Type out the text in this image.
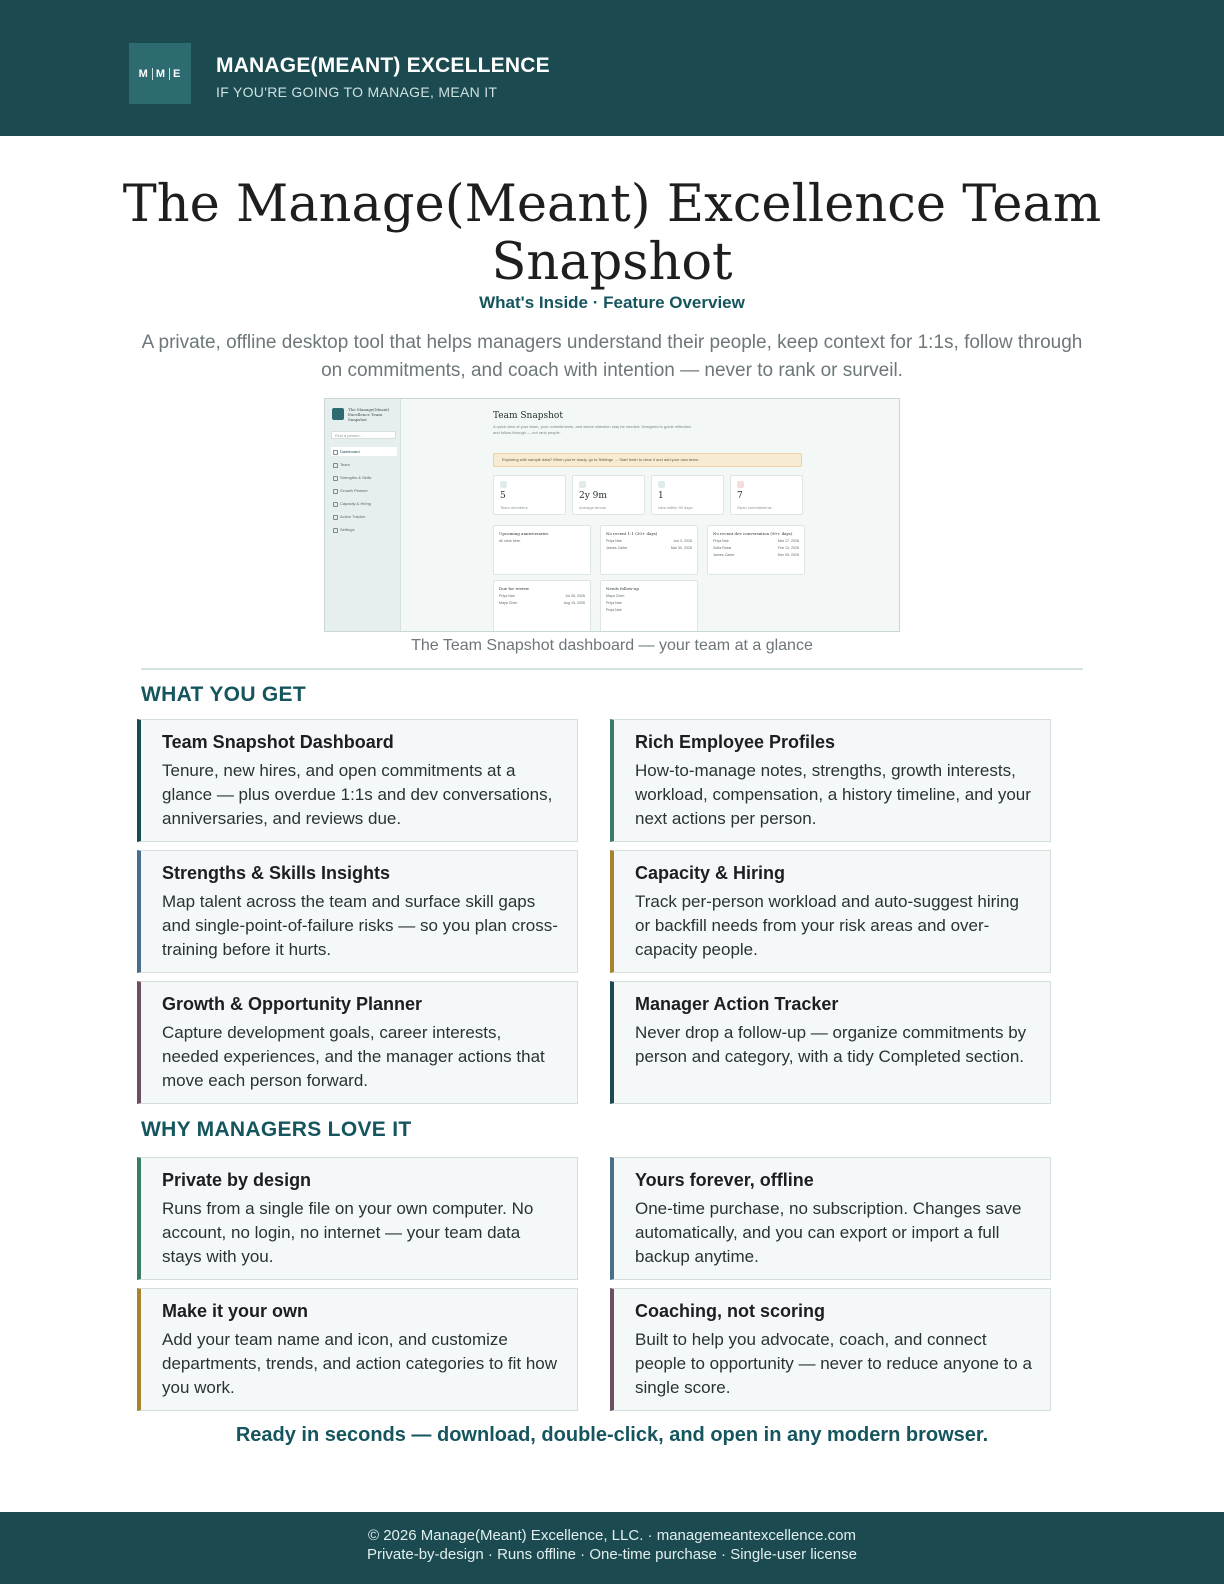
M M E MANAGE(MEANT) EXCELLENCE
IF YOU'RE GOING TO MANAGE, MEAN IT
The Manage(Meant) Excellence Team Snapshot
What's Inside · Feature Overview

A private, offline desktop tool that helps managers understand their people, keep context for 1:1s, follow through on commitments, and coach with intention — never to rank or surveil.

The Manage(Meant) Excellence Team Snapshot
Find a person...
Dashboard
Team
Strengths & Skills
Growth Planner
Capacity & Hiring
Action Tracker
Settings
Team Snapshot
A quick view of your team, your commitments, and where attention may be needed. Designed to guide reflection and follow-through — not rank people.
Exploring with sample data? When you're ready, go to Settings → Start fresh to clear it and add your own team.
5
Team members
2y 9m
Average tenure
1
New within 90 days
7
Open commitments
Upcoming anniversaries
All clear here.
No recent 1:1 (30+ days)
Priya Nair	Jun 3, 2026
James Carter	Mar 30, 2026
No recent dev conversation (90+ days)
Priya Nair	Mar 17, 2026
Sofia Rossi	Feb 13, 2026
James Carter	Dec 05, 2025
Due for review
Priya Nair	Jul 28, 2026
Maya Chen	Aug 15, 2026
Needs follow-up
Maya Chen
Priya Nair
Priya Nair
The Team Snapshot dashboard — your team at a glance
WHAT YOU GET
Team Snapshot Dashboard

Tenure, new hires, and open commitments at a glance — plus overdue 1:1s and dev conversations, anniversaries, and reviews due.

Rich Employee Profiles

How-to-manage notes, strengths, growth interests, workload, compensation, a history timeline, and your next actions per person.

Strengths & Skills Insights

Map talent across the team and surface skill gaps and single-point-of-failure risks — so you plan cross-training before it hurts.

Capacity & Hiring

Track per-person workload and auto-suggest hiring or backfill needs from your risk areas and over-capacity people.

Growth & Opportunity Planner

Capture development goals, career interests, needed experiences, and the manager actions that move each person forward.

Manager Action Tracker

Never drop a follow-up — organize commitments by person and category, with a tidy Completed section.

WHY MANAGERS LOVE IT
Private by design

Runs from a single file on your own computer. No account, no login, no internet — your team data stays with you.

Yours forever, offline

One-time purchase, no subscription. Changes save automatically, and you can export or import a full backup anytime.

Make it your own

Add your team name and icon, and customize departments, trends, and action categories to fit how you work.

Coaching, not scoring

Built to help you advocate, coach, and connect people to opportunity — never to reduce anyone to a single score.

Ready in seconds — download, double-click, and open in any modern browser.
© 2026 Manage(Meant) Excellence, LLC. · managemeantexcellence.com
Private-by-design · Runs offline · One-time purchase · Single-user license
